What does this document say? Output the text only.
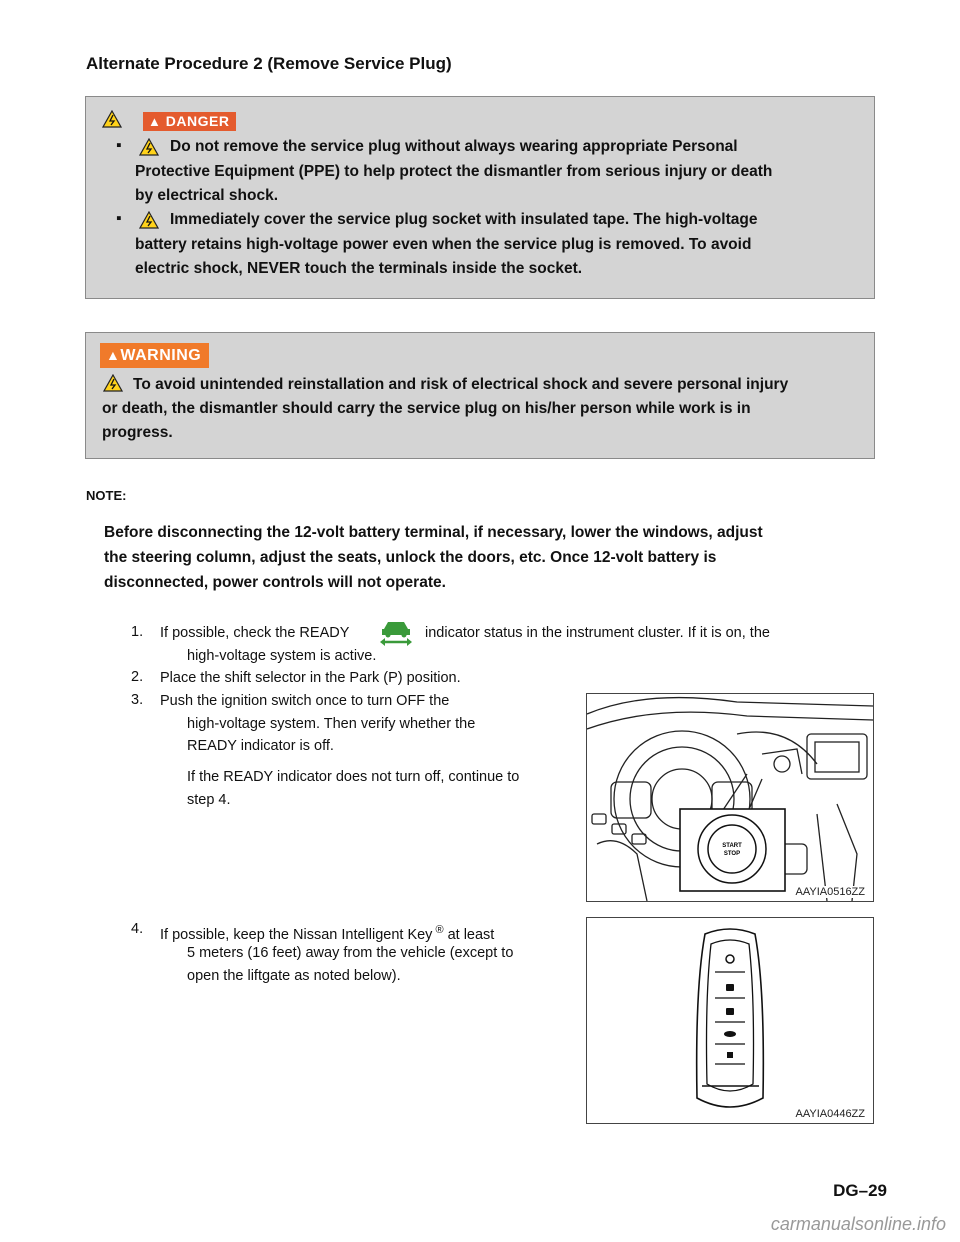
Alternate Procedure 2 (Remove Service Plug)
▲ DANGER
▪	Do not remove the service plug without always wearing appropriate Personal
Protective Equipment (PPE) to help protect the dismantler from serious injury or death
by electrical shock.
▪	Immediately cover the service plug socket with insulated tape. The high-voltage
battery retains high-voltage power even when the service plug is removed. To avoid
electric shock, NEVER touch the terminals inside the socket.
▲WARNING
To avoid unintended reinstallation and risk of electrical shock and severe personal injury
or death, the dismantler should carry the service plug on his/her person while work is in
progress.
NOTE:
Before disconnecting the 12-volt battery terminal, if necessary, lower the windows, adjust
the steering column, adjust the seats, unlock the doors, etc. Once 12-volt battery is
disconnected, power controls will not operate.
1. If possible, check the READY	indicator status in the instrument cluster. If it is on, the
high-voltage system is active.
2. Place the shift selector in the Park (P) position.
3. Push the ignition switch once to turn OFF the
high-voltage system. Then verify whether the
READY indicator is off.
If the READY indicator does not turn off, continue to
step 4.
START
STOP
AAYIA0516ZZ
4. If possible, keep the Nissan Intelligent Key ® at least
5 meters (16 feet) away from the vehicle (except to
open the liftgate as noted below).
AAYIA0446ZZ
DG–29
carmanualsonline.info
